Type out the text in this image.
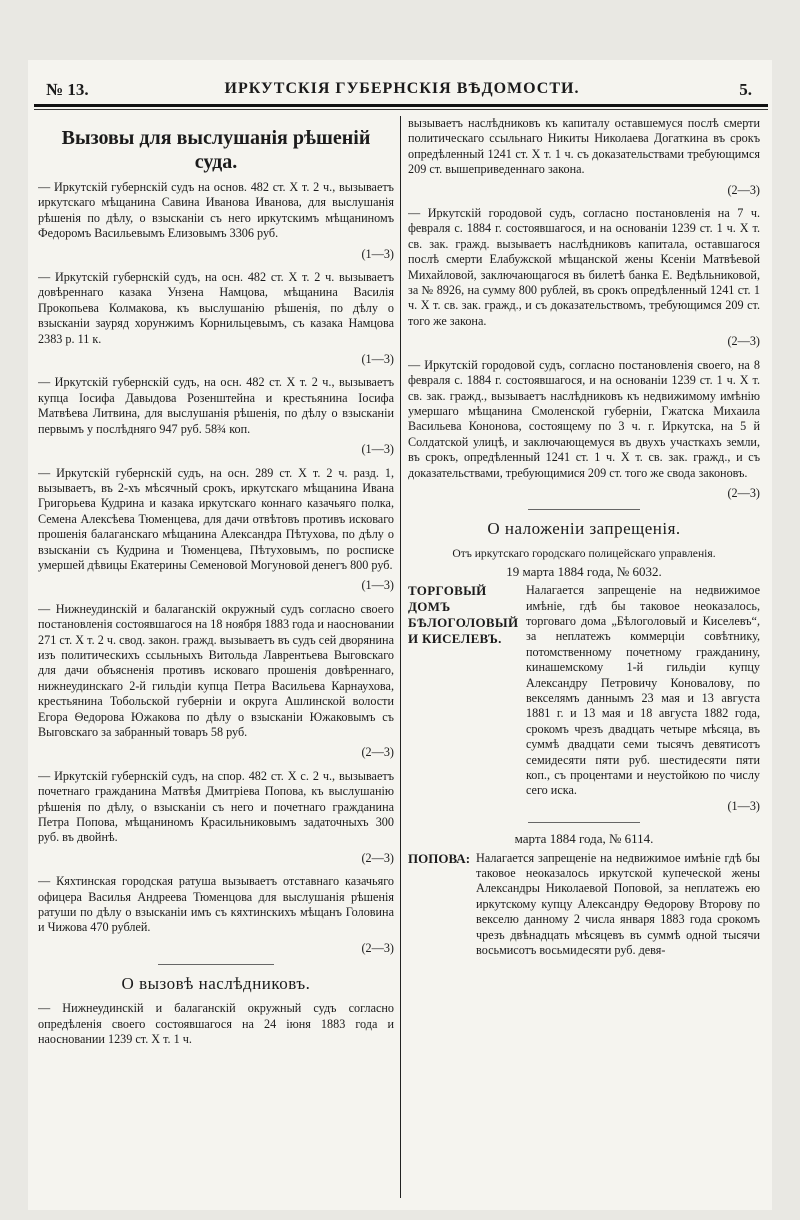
№ 13.	ИРКУТСКІЯ ГУБЕРНСКІЯ ВѢДОМОСТИ.	5.
Вызовы для выслушанія рѣшеній суда.

— Иркутскій губернскій судъ на основ. 482 ст. X т. 2 ч., вызываетъ иркутскаго мѣщанина Савина Иванова Иванова, для выслушанія рѣшенія по дѣлу, о взысканіи съ него иркутскимъ мѣщаниномъ Федоромъ Васильевымъ Елизовымъ 3306 руб.

(1—3)

— Иркутскій губернскій судъ, на осн. 482 ст. X т. 2 ч. вызываетъ довѣреннаго казака Унзена Намцова, мѣщанина Василія Прокопьева Колмакова, къ выслушанію рѣшенія, по дѣлу о взысканіи зауряд хорунжимъ Корнильцевымъ, съ казака Намцова 2383 р. 11 к.

(1—3)

— Иркутскій губернскій судъ, на осн. 482 ст. X т. 2 ч., вызываетъ купца Іосифа Давыдова Розенштейна и крестьянина Іосифа Матвѣева Литвина, для выслушанія рѣшенія, по дѣлу о взысканіи первымъ у послѣдняго 947 руб. 58¾ коп.

(1—3)

— Иркутскій губернскій судъ, на осн. 289 ст. X т. 2 ч. разд. 1, вызываетъ, въ 2-хъ мѣсячный срокъ, иркутскаго мѣщанина Ивана Григорьева Кудрина и казака иркутскаго коннаго казачьяго полка, Семена Алексѣева Тюменцева, для дачи отвѣтовъ противъ исковаго прошенія балаганскаго мѣщанина Александра Пѣтухова, по дѣлу о взысканіи съ Кудрина и Тюменцева, Пѣтуховымъ, по росписке умершей дѣвицы Екатерины Семеновой Могуновой денегъ 800 руб.

(1—3)

— Нижнеудинскій и балаганскій окружный судъ согласно своего постановленія состоявшагося на 18 ноября 1883 года и наосновании 271 ст. X т. 2 ч. свод. закон. гражд. вызываетъ въ судъ сей дворянина изъ политическихъ ссыльныхъ Витольда Лаврентьева Выговскаго для дачи объясненія противъ исковаго прошенія довѣреннаго, нижнеудинскаго 2-й гильдіи купца Петра Васильева Карнаухова, крестьянина Тобольской губерніи и округа Ашлинской волости Егора Ѳедорова Южакова по дѣлу о взысканіи Южаковымъ съ Выговскаго за забранный товаръ 58 руб.

(2—3)

— Иркутскій губернскій судъ, на спор. 482 ст. X с. 2 ч., вызываетъ почетнаго гражданина Матвѣя Дмитріева Попова, къ выслушанію рѣшенія по дѣлу, о взысканіи съ него и почетнаго гражданина Петра Попова, мѣщаниномъ Красильниковымъ задаточныхъ 300 руб. въ двойнѣ.

(2—3)

— Кяхтинская городская ратуша вызываетъ отставнаго казачьяго офицера Василья Андреева Тюменцова для выслушанія рѣшенія ратуши по дѣлу о взысканіи имъ съ кяхтинскихъ мѣщанъ Головина и Чижова 470 рублей.

(2—3)
О вызовѣ наслѣдниковъ.

— Нижнеудинскій и балаганскій окружный судъ согласно опредѣленія своего состоявшагося на 24 іюня 1883 года и наосновании 1239 ст. X т. 1 ч.

вызываетъ наслѣдниковъ къ капиталу оставшемуся послѣ смерти политическаго ссыльнаго Никиты Николаева Догаткина въ срокъ опредѣленный 1241 ст. X т. 1 ч. съ доказательствами требующимся 209 ст. вышеприведеннаго закона.

(2—3)

— Иркутскій городовой судъ, согласно постановленія на 7 ч. февраля с. 1884 г. состоявшагося, и на основаніи 1239 ст. 1 ч. X т. св. зак. гражд. вызываетъ наслѣдниковъ капитала, оставшагося послѣ смерти Елабужской мѣщанской жены Ксеніи Матвѣевой Михайловой, заключающагося въ билетѣ банка Е. Ведѣльниковой, за № 8926, на сумму 800 рублей, въ срокъ опредѣленный 1241 ст. 1 ч. X т. св. зак. гражд., и съ доказательствомъ, требующимся 209 ст. того же закона.

(2—3)

— Иркутскій городовой судъ, согласно постановленія своего, на 8 февраля с. 1884 г. состоявшагося, и на основаніи 1239 ст. 1 ч. X т. св. зак. гражд., вызываетъ наслѣдниковъ къ недвижимому имѣнію умершаго мѣщанина Смоленской губерніи, Гжатска Михаила Васильева Кононова, состоящему по 3 ч. г. Иркутска, на 5 й Солдатской улицѣ, и заключающемуся въ двухъ участкахъ земли, въ срокъ, опредѣленный 1241 ст. 1 ч. X т. св. зак. гражд., и съ доказательствами, требующимися 209 ст. того же свода законовъ.

(2—3)
О наложеніи запрещенія.
Отъ иркутскаго городскаго полицейскаго управленія.
19 марта 1884 года, № 6032.
ТОРГОВЫЙ ДОМЪ БѢЛОГОЛОВЫЙ И КИСЕЛЕВЪ.
Налагается запрещеніе на недвижимое имѣніе, гдѣ бы таковое неоказалось, торговаго дома „Бѣлоголовый и Киселевъ“, за неплатежъ коммерціи совѣтнику, потомственному почетному гражданину, кинашемскому 1-й гильдіи купцу Александру Петровичу Коноваловy, по векселямъ даннымъ 23 мая и 13 августа 1881 г. и 13 мая и 18 августа 1882 года, срокомъ чрезъ двадцать четыре мѣсяца, въ суммѣ двадцати семи тысячъ девятисотъ семидесяти пяти руб. шестидесяти пяти коп., съ процентами и неустойкою по числу сего иска.
(1—3)
марта 1884 года, № 6114.
ПОПОВА: Налагается запрещеніе на недвижимое имѣніе гдѣ бы таковое неоказалось иркутской купеческой жены Александры Николаевой Поповой, за неплатежъ ею иркутскому купцу Александру Ѳедорову Второву по векселю данному 2 числа января 1883 года срокомъ чрезъ двѣнадцать мѣсяцевъ въ суммѣ одной тысячи восьмисотъ восьмидесяти руб. девя-
